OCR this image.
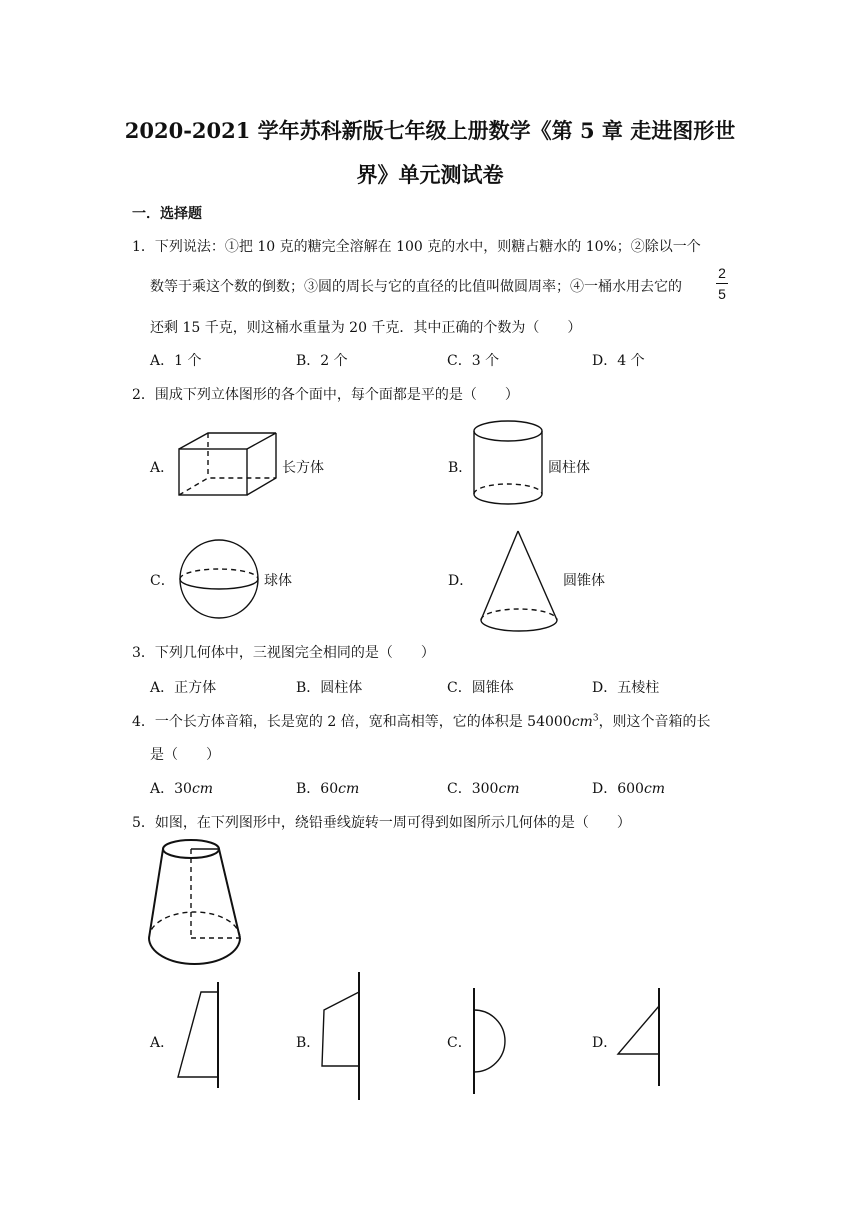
2020-2021 学年苏科新版七年级上册数学《第 5 章 走进图形世
界》单元测试卷
一．选择题
1．下列说法：①把 10 克的糖完全溶解在 100 克的水中，则糖占糖水的 10%；②除以一个
数等于乘这个数的倒数；③圆的周长与它的直径的比值叫做圆周率；④一桶水用去它的
2
5
还剩 15 千克，则这桶水重量为 20 千克．其中正确的个数为（　　）
A．1 个	B．2 个	C．3 个	D．4 个
2．围成下列立体图形的各个面中，每个面都是平的是（　　）
A．	长方体	B．	圆柱体
C．	球体	D．	圆锥体
3．下列几何体中，三视图完全相同的是（　　）
A．正方体	B．圆柱体	C．圆锥体	D．五棱柱
4．一个长方体音箱，长是宽的 2 倍，宽和高相等，它的体积是 $54000cm^3$，则这个音箱的长
是（　　）
A．30cm	B．60cm	C．300cm	D．600cm
5．如图，在下列图形中，绕铅垂线旋转一周可得到如图所示几何体的是（　　）
A．	B．	C．	D．
